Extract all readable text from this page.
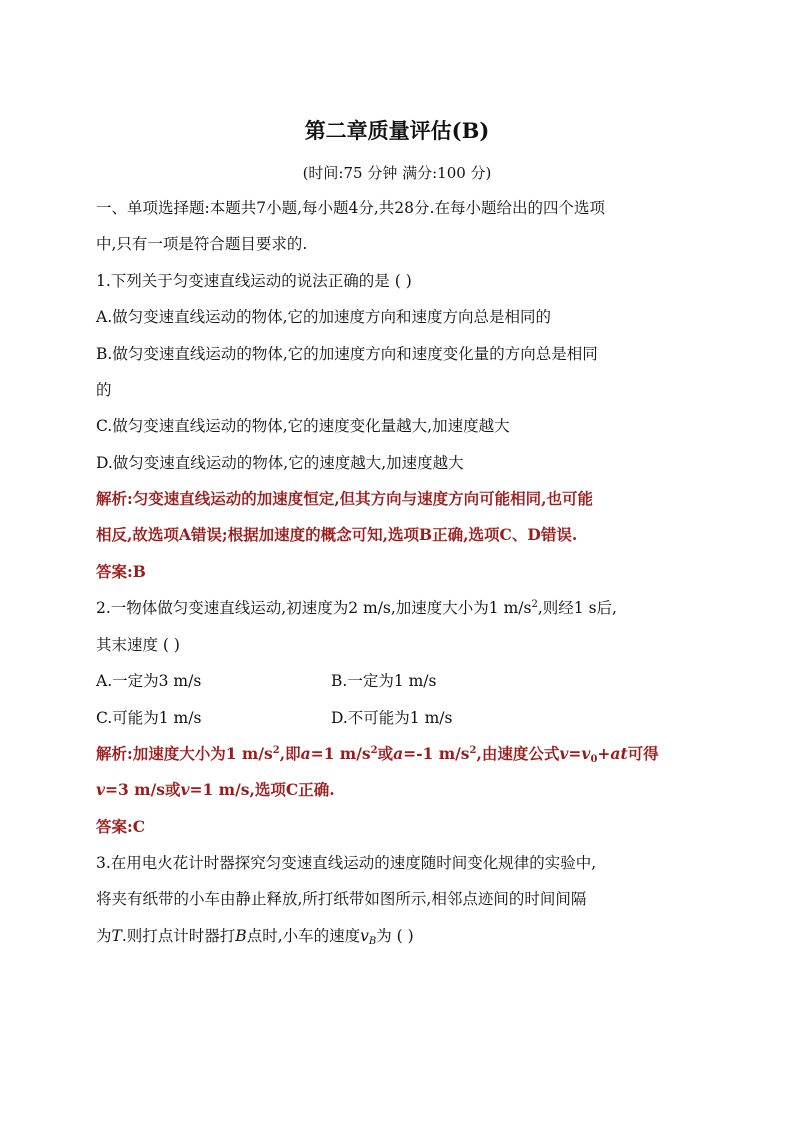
第二章质量评估(B)
(时间:75 分钟 满分:100 分)
一、单项选择题:本题共7小题,每小题4分,共28分.在每小题给出的四个选项
中,只有一项是符合题目要求的.
1.下列关于匀变速直线运动的说法正确的是 ( )
A.做匀变速直线运动的物体,它的加速度方向和速度方向总是相同的
B.做匀变速直线运动的物体,它的加速度方向和速度变化量的方向总是相同
的
C.做匀变速直线运动的物体,它的速度变化量越大,加速度越大
D.做匀变速直线运动的物体,它的速度越大,加速度越大
解析:匀变速直线运动的加速度恒定,但其方向与速度方向可能相同,也可能
相反,故选项A错误;根据加速度的概念可知,选项B正确,选项C、D错误.
答案:B
2.一物体做匀变速直线运动,初速度为2 m/s,加速度大小为1 $m/s^2$,则经1 s后,
其末速度 ( )
A.一定为3 m/s	B.一定为1 m/s
C.可能为1 m/s	D.不可能为1 m/s
解析:加速度大小为1 $m/s^2$,即a=1 $m/s^2$或a=-1 $m/s^2$,由速度公式$v=v_0+at$可得
v=3 m/s或v=1 m/s,选项C正确.
答案:C
3.在用电火花计时器探究匀变速直线运动的速度随时间变化规律的实验中,
将夹有纸带的小车由静止释放,所打纸带如图所示,相邻点迹间的时间间隔
为T.则打点计时器打B点时,小车的速度$v_B$为 ( )
